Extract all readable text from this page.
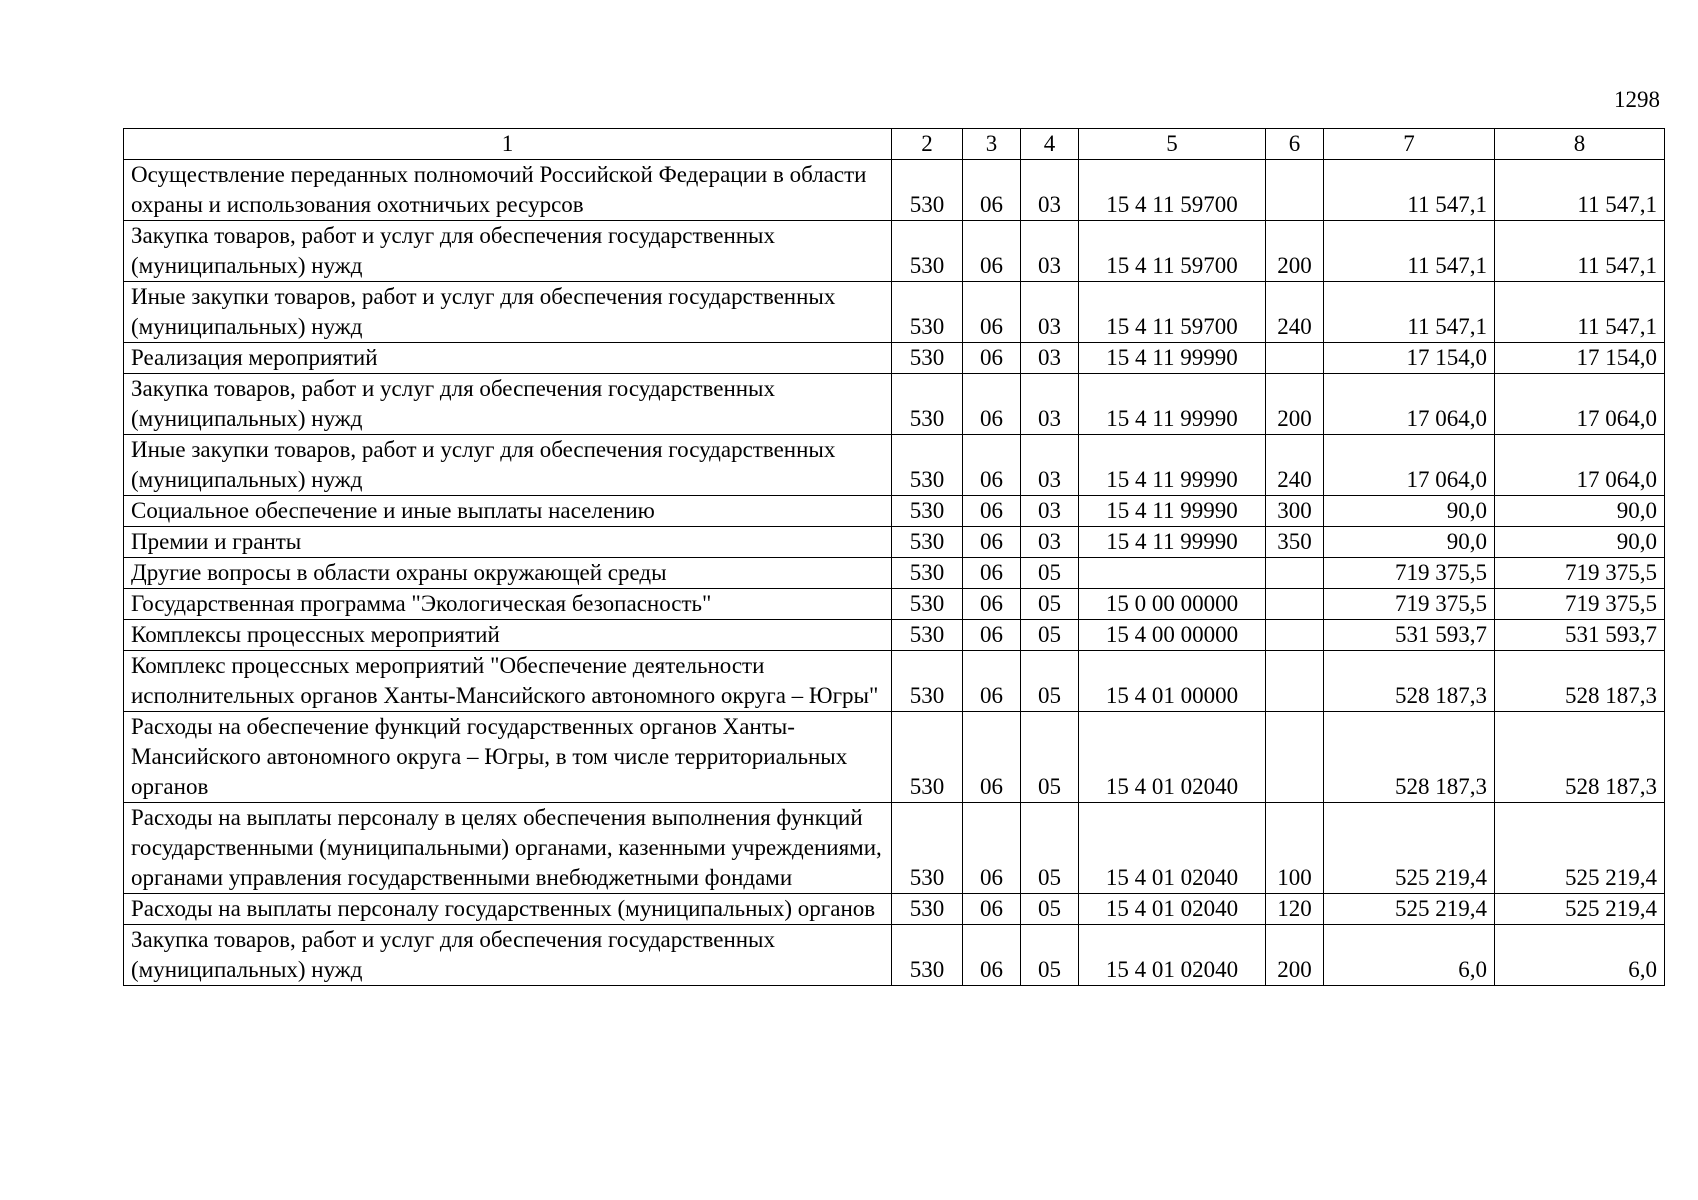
1298
1	2	3	4	5	6	7	8
Осуществление переданных полномочий Российской Федерации в области охраны и использования охотничьих ресурсов	530	06	03	15 4 11 59700		11 547,1	11 547,1
Закупка товаров, работ и услуг для обеспечения государственных (муниципальных) нужд	530	06	03	15 4 11 59700	200	11 547,1	11 547,1
Иные закупки товаров, работ и услуг для обеспечения государственных (муниципальных) нужд	530	06	03	15 4 11 59700	240	11 547,1	11 547,1
Реализация мероприятий	530	06	03	15 4 11 99990		17 154,0	17 154,0
Закупка товаров, работ и услуг для обеспечения государственных (муниципальных) нужд	530	06	03	15 4 11 99990	200	17 064,0	17 064,0
Иные закупки товаров, работ и услуг для обеспечения государственных (муниципальных) нужд	530	06	03	15 4 11 99990	240	17 064,0	17 064,0
Социальное обеспечение и иные выплаты населению	530	06	03	15 4 11 99990	300	90,0	90,0
Премии и гранты	530	06	03	15 4 11 99990	350	90,0	90,0
Другие вопросы в области охраны окружающей среды	530	06	05			719 375,5	719 375,5
Государственная программа "Экологическая безопасность"	530	06	05	15 0 00 00000		719 375,5	719 375,5
Комплексы процессных мероприятий	530	06	05	15 4 00 00000		531 593,7	531 593,7
Комплекс процессных мероприятий "Обеспечение деятельности исполнительных органов Ханты-Мансийского автономного округа – Югры"	530	06	05	15 4 01 00000		528 187,3	528 187,3
Расходы на обеспечение функций государственных органов Ханты-Мансийского автономного округа – Югры, в том числе территориальных органов	530	06	05	15 4 01 02040		528 187,3	528 187,3
Расходы на выплаты персоналу в целях обеспечения выполнения функций государственными (муниципальными) органами, казенными учреждениями, органами управления государственными внебюджетными фондами	530	06	05	15 4 01 02040	100	525 219,4	525 219,4
Расходы на выплаты персоналу государственных (муниципальных) органов	530	06	05	15 4 01 02040	120	525 219,4	525 219,4
Закупка товаров, работ и услуг для обеспечения государственных (муниципальных) нужд	530	06	05	15 4 01 02040	200	6,0	6,0
